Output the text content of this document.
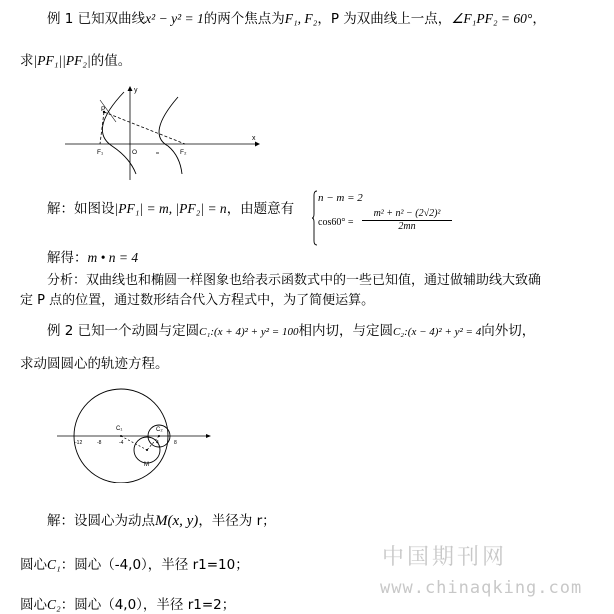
例 1 已知双曲线x² − y² = 1的两个焦点为F₁, F₂，P 为双曲线上一点，∠F₁PF₂ = 60°，
求|PF₁||PF₂|的值。
y
x
P
F₁	O	F₂
解：如图设|PF₁| = m, |PF₂| = n，由题意有
n − m = 2
$\cos 60^\circ = \frac{\text{m² + n² − (2√2)²}}{2mn}$
解得：m • n = 4
分析：双曲线也和椭圆一样图象也给表示函数式中的一些已知值，通过做辅助线大致确
定 P 点的位置，通过数形结合代入方程式中，为了简便运算。
例 2 已知一个动圆与定圆C₁:(x + 4)² + y² = 100相内切，与定圆C₂:(x − 4)² + y² = 4向外切，
求动圆圆心的轨迹方程。
C₁	C₂
M
-12	-8	-4	4	8
解：设圆心为动点M(x, y)，半径为 r；
圆心C₁：圆心（-4,0），半径 r1=10；
圆心C₂：圆心（4,0），半径 r1=2；
中国期刊网
www.chinaqking.com
